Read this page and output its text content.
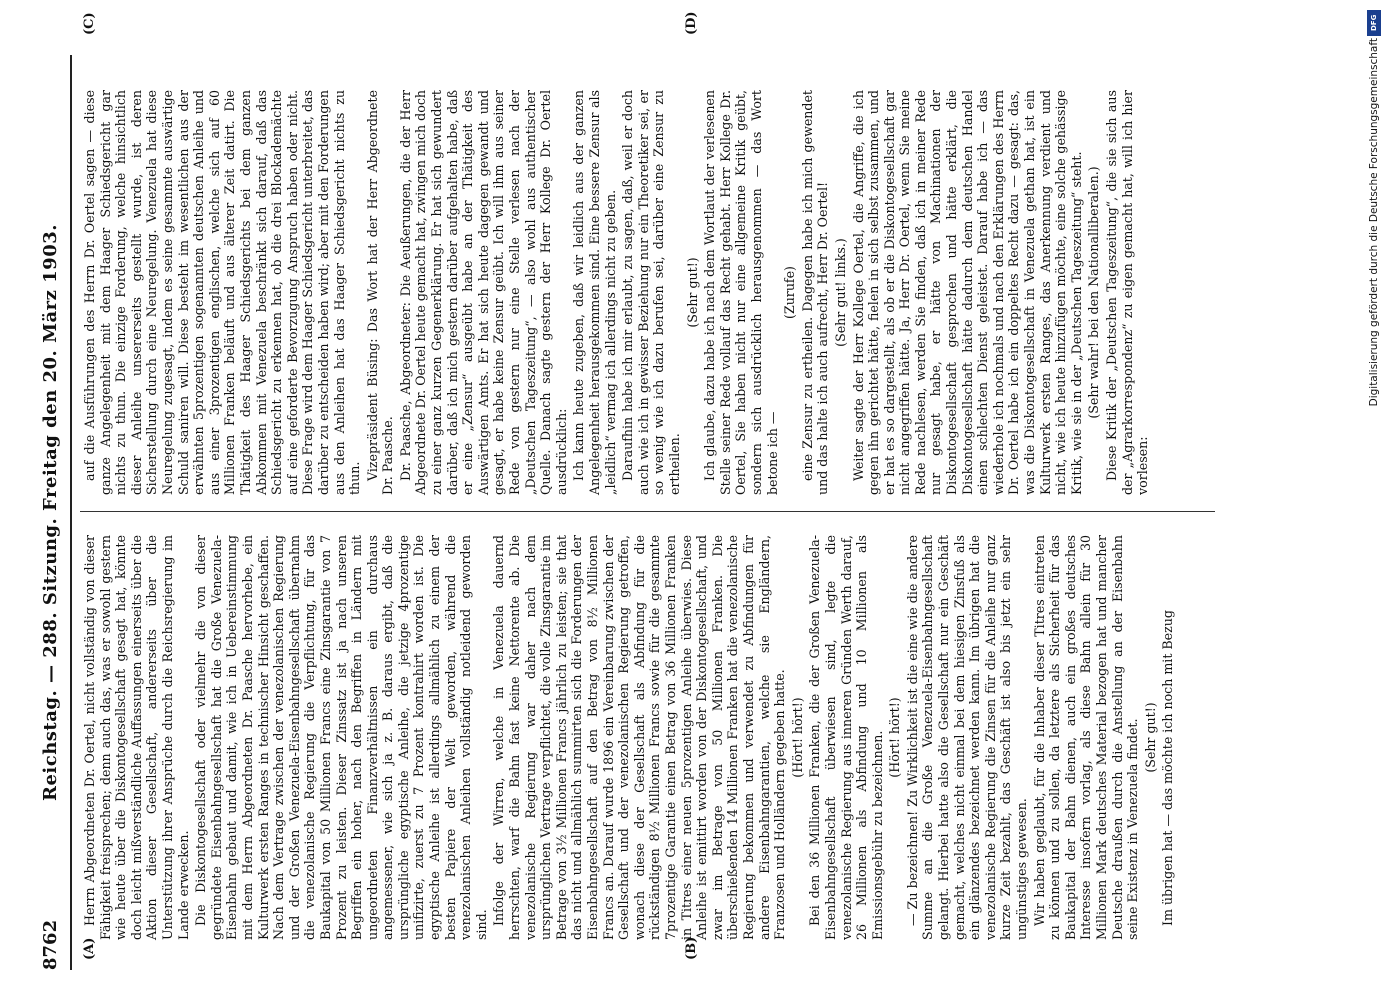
8762
Reichstag. — 288. Sitzung. Freitag den 20. März 1903.
(A)	(B)
(C)	(D)

Herrn Abgeordneten Dr. Oertel, nicht vollständig von dieser Fähigkeit freisprechen; denn auch das, was er sowohl gestern wie heute über die Diskontogesellschaft gesagt hat, könnte doch leicht mißverständliche Auffassungen einerseits über die Aktion dieser Gesellschaft, andererseits über die Unterstützung ihrer Ansprüche durch die Reichsregierung im Lande erwecken. Die Diskontogesellschaft oder vielmehr die von dieser gegründete Eisenbahngesellschaft hat die Große Venezuela-Eisenbahn gebaut und damit, wie ich in Uebereinstimmung mit dem Herrn Abgeordneten Dr. Paasche hervorhebe, ein Kulturwerk ersten Ranges in technischer Hinsicht geschaffen. Nach dem Vertrage zwischen der venezolanischen Regierung und der Großen Venezuela-Eisenbahngesellschaft übernahm die venezolanische Regierung die Verpflichtung, für das Baukapital von 50 Millionen Francs eine Zinsgarantie von 7 Prozent zu leisten. Dieser Zinssatz ist ja nach unseren Begriffen ein hoher, nach den Begriffen in Ländern mit ungeordneten Finanzverhältnissen ein durchaus angemessener, wie sich ja z. B. daraus ergibt, daß die ursprüngliche egyptische Anleihe, die jetzige 4prozentige unifizirte, zuerst zu 7 Prozent kontrahirt worden ist. Die egyptische Anleihe ist allerdings allmählich zu einem der besten Papiere der Welt geworden, während die venezolanischen Anleihen vollständig notleidend geworden sind. Infolge der Wirren, welche in Venezuela dauernd herrschten, warf die Bahn fast keine Nettorente ab. Die venezolanische Regierung war daher nach dem ursprünglichen Vertrage verpflichtet, die volle Zinsgarantie im Betrage von 3½ Millionen Francs jährlich zu leisten; sie that das nicht und allmählich summirten sich die Forderungen der Eisenbahngesellschaft auf den Betrag von 8½ Millionen Francs an. Darauf wurde 1896 ein Vereinbarung zwischen der Gesellschaft und der venezolanischen Regierung getroffen, wonach diese der Gesellschaft als Abfindung für die rückständigen 8½ Millionen Francs sowie für die gesammte 7prozentige Garantie einen Betrag von 36 Millionen Franken in Titres einer neuen 5prozentigen Anleihe überwies. Diese Anleihe ist emittirt worden von der Diskontogesellschaft, und zwar im Betrage von 50 Millionen Franken. Die überschießenden 14 Millionen Franken hat die venezolanische Regierung bekommen und verwendet zu Abfindungen für andere Eisenbahngarantien, welche sie Engländern, Franzosen und Holländern gegeben hatte. (Hört! hört!) Bei den 36 Millionen Franken, die der Großen Venezuela-Eisenbahngesellschaft überwiesen sind, legte die venezolanische Regierung aus inneren Gründen Werth darauf, 26 Millionen als Abfindung und 10 Millionen als Emissionsgebühr zu bezeichnen. (Hört! hört!) — Zu bezeichnen! Zu Wirklichkeit ist die eine wie die andere Summe an die Große Venezuela-Eisenbahngesellschaft gelangt. Hierbei hatte also die Gesellschaft nur ein Geschäft gemacht, welches nicht einmal bei dem hiesigen Zinsfuß als ein glänzendes bezeichnet werden kann. Im übrigen hat die venezolanische Regierung die Zinsen für die Anleihe nur ganz kurze Zeit bezahlt, das Geschäft ist also bis jetzt ein sehr ungünstiges gewesen. Wir haben geglaubt, für die Inhaber dieser Titres eintreten zu können und zu sollen, da letztere als Sicherheit für das Baukapital der Bahn dienen, auch ein großes deutsches Interesse insofern vorlag, als diese Bahn allein für 30 Millionen Mark deutsches Material bezogen hat und mancher Deutsche draußen durch die Anstellung an der Eisenbahn seine Existenz in Venezuela findet. (Sehr gut!) Im übrigen hat — das möchte ich noch mit Bezug

auf die Ausführungen des Herrn Dr. Oertel sagen — diese ganze Angelegenheit mit dem Haager Schiedsgericht gar nichts zu thun. Die einzige Forderung, welche hinsichtlich dieser Anleihe unsererseits gestellt wurde, ist deren Sicherstellung durch eine Neuregelung. Venezuela hat diese Neuregelung zugesagt, indem es seine gesammte auswärtige Schuld saniren will. Diese besteht im wesentlichen aus der erwähnten 5prozentigen sogenannten deutschen Anleihe und aus einer 3prozentigen englischen, welche sich auf 60 Millionen Franken beläuft und aus älterer Zeit datirt. Die Thätigkeit des Haager Schiedsgerichts bei dem ganzen Abkommen mit Venezuela beschränkt sich darauf, daß das Schiedsgericht zu erkennen hat, ob die drei Blockademächte auf eine geforderte Bevorzugung Anspruch haben oder nicht. Diese Frage wird dem Haager Schiedsgericht unterbreitet, das darüber zu entscheiden haben wird; aber mit den Forderungen aus den Anleihen hat das Haager Schiedsgericht nichts zu thun. Vizepräsident Büsing: Das Wort hat der Herr Abgeordnete Dr. Paasche. Dr. Paasche, Abgeordneter: Die Aeußerungen, die der Herr Abgeordnete Dr. Oertel heute gemacht hat, zwingen mich doch zu einer ganz kurzen Gegenerklärung. Er hat sich gewundert darüber, daß ich mich gestern darüber aufgehalten habe, daß er eine „Zensur“ ausgeübt habe an der Thätigkeit des Auswärtigen Amts. Er hat sich heute dagegen gewandt und gesagt, er habe keine Zensur geübt. Ich will ihm aus seiner Rede von gestern nur eine Stelle verlesen nach der „Deutschen Tageszeitung“, — also wohl aus authentischer Quelle. Danach sagte gestern der Herr Kollege Dr. Oertel ausdrücklich: Ich kann heute zugeben, daß wir leidlich aus der ganzen Angelegenheit herausgekommen sind. Eine bessere Zensur als „leidlich“ vermag ich allerdings nicht zu geben. Daraufhin habe ich mir erlaubt, zu sagen, daß, weil er doch auch wie ich in gewisser Beziehung nur ein Theoretiker sei, er so wenig wie ich dazu berufen sei, darüber eine Zensur zu ertheilen.

(Sehr gut!) Ich glaube, dazu habe ich nach dem Wortlaut der verlesenen Stelle seiner Rede vollauf das Recht gehabt. Herr Kollege Dr. Oertel, Sie haben nicht nur eine allgemeine Kritik geübt, sondern sich ausdrücklich herausgenommen — das Wort betone ich —

(Zurufe) eine Zensur zu ertheilen. Dagegen habe ich mich gewendet und das halte ich auch aufrecht, Herr Dr. Oertel! (Sehr gut! links.) Weiter sagte der Herr Kollege Oertel, die Angriffe, die ich gegen ihn gerichtet hätte, fielen in sich selbst zusammen, und er hat es so dargestellt, als ob er die Diskontogesellschaft gar nicht angegriffen hätte. Ja, Herr Dr. Oertel, wenn Sie meine Rede nachlesen, werden Sie finden, daß ich in meiner Rede nur gesagt habe, er hätte von Machinationen der Diskontogesellschaft gesprochen und hätte erklärt, die Diskontogesellschaft hätte dadurch dem deutschen Handel einen schlechten Dienst geleistet. Darauf habe ich — das wiederhole ich nochmals und nach den Erklärungen des Herrn Dr. Oertel habe ich ein doppeltes Recht dazu — gesagt: das, was die Diskontogesellschaft in Venezuela gethan hat, ist ein Kulturwerk ersten Ranges, das Anerkennung verdient und nicht, wie ich heute hinzufügen möchte, eine solche gehässige Kritik, wie sie in der „Deutschen Tageszeitung“ steht. (Sehr wahr! bei den Nationalliberalen.) Diese Kritik der „Deutschen Tageszeitung“, die sie sich aus der „Agrarkorrespondenz“ zu eigen gemacht hat, will ich hier vorlesen:

DFG
Digitalisierung gefördert durch die Deutsche Forschungsgemeinschaft
